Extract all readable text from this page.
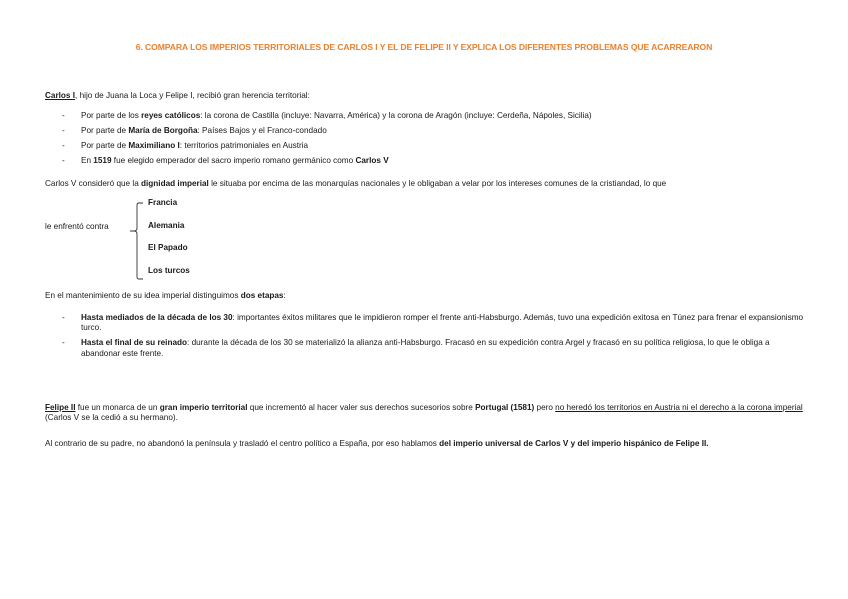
6. COMPARA LOS IMPERIOS TERRITORIALES DE CARLOS I Y EL DE FELIPE II Y EXPLICA LOS DIFERENTES PROBLEMAS QUE ACARREARON
Carlos I, hijo de Juana la Loca y Felipe I, recibió gran herencia territorial:
-	Por parte de los reyes católicos: la corona de Castilla (incluye: Navarra, América) y la corona de Aragón (incluye: Cerdeña, Nápoles, Sicilia)
-	Por parte de María de Borgoña: Países Bajos y el Franco-condado
-	Por parte de Maximiliano I: territorios patrimoniales en Austria
-	En 1519 fue elegido emperador del sacro imperio romano germánico como Carlos V
Carlos V consideró que la dignidad imperial le situaba por encima de las monarquías nacionales y le obligaban a velar por los intereses comunes de la cristiandad, lo que
le enfrentó contra
Francia
Alemania
El Papado
Los turcos
En el mantenimiento de su idea imperial distinguimos dos etapas:
-	Hasta mediados de la década de los 30: importantes éxitos militares que le impidieron romper el frente anti-Habsburgo. Además, tuvo una expedición exitosa en Túnez para frenar el expansionismo turco.
-	Hasta el final de su reinado: durante la década de los 30 se materializó la alianza anti-Habsburgo. Fracasó en su expedición contra Argel y fracasó en su política religiosa, lo que le obliga a abandonar este frente.
Felipe II fue un monarca de un gran imperio territorial que incrementó al hacer valer sus derechos sucesorios sobre Portugal (1581) pero no heredó los territorios en Austria ni el derecho a la corona imperial (Carlos V se la cedió a su hermano).
Al contrario de su padre, no abandonó la península y trasladó el centro político a España, por eso hablamos del imperio universal de Carlos V y del imperio hispánico de Felipe II.
